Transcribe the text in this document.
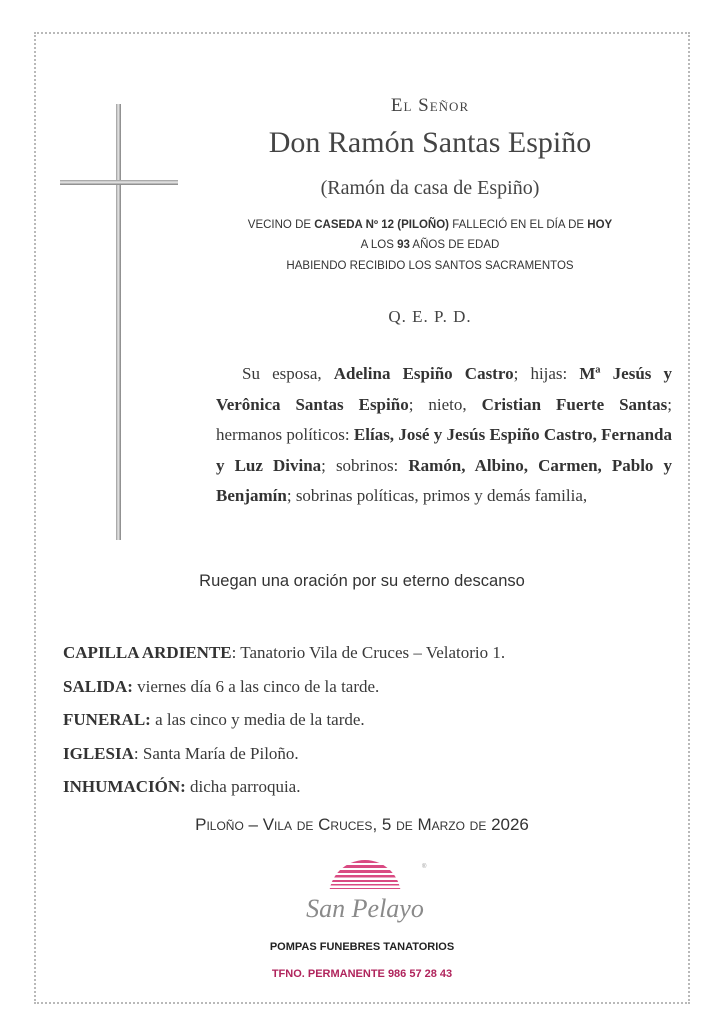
El Señor
Don Ramón Santas Espiño
(Ramón da casa de Espiño)
VECINO DE CASEDA Nº 12 (PILOÑO) FALLECIÓ EN EL DÍA DE HOY
A LOS 93 AÑOS DE EDAD
HABIENDO RECIBIDO LOS SANTOS SACRAMENTOS
Q. E. P. D.
Su esposa, Adelina Espiño Castro; hijas: Mª Jesús y Verônica Santas Espiño; nieto, Cristian Fuerte Santas; hermanos políticos: Elías, José y Jesús Espiño Castro, Fernanda y Luz Divina; sobrinos: Ramón, Albino, Carmen, Pablo y Benjamín; sobrinas políticas, primos y demás familia,
Ruegan una oración por su eterno descanso
CAPILLA ARDIENTE: Tanatorio Vila de Cruces – Velatorio 1.
SALIDA: viernes día 6 a las cinco de la tarde.
FUNERAL: a las cinco y media de la tarde.
IGLESIA: Santa María de Piloño.
INHUMACIÓN: dicha parroquia.
Piloño – Vila de Cruces, 5 de Marzo de 2026
®
San Pelayo
POMPAS FUNEBRES TANATORIOS
TFNO. PERMANENTE 986 57 28 43
